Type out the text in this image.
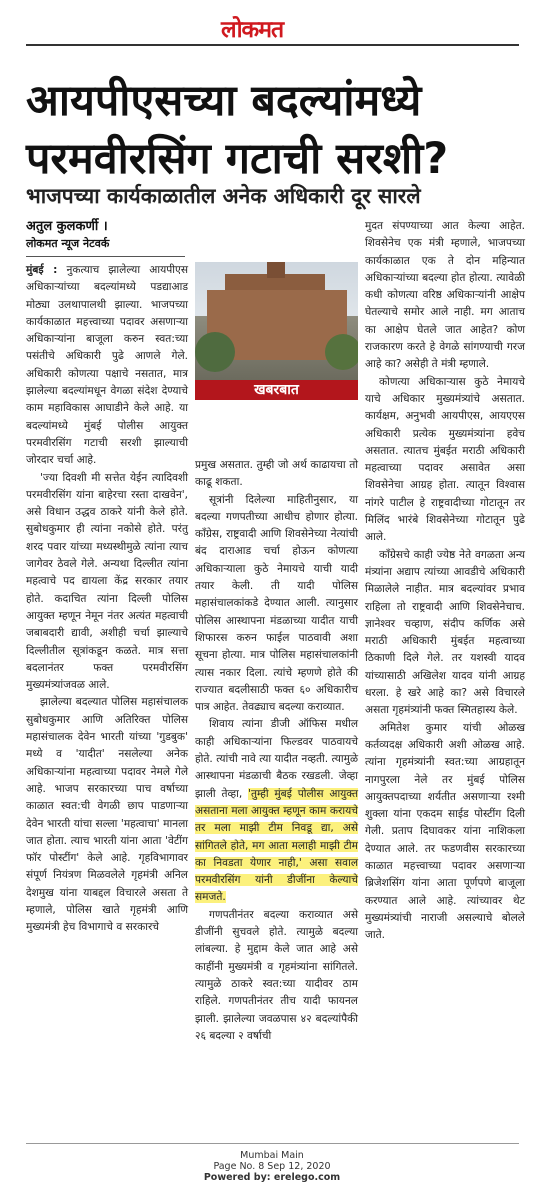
लोकमत
आयपीएसच्या बदल्यांमध्ये
परमवीरसिंग गटाची सरशी?
भाजपच्या कार्यकाळातील अनेक अधिकारी दूर सारले
अतुल कुलकर्णी ।
लोकमत न्यूज नेटवर्क

मुंबई : नुकत्याच झालेल्या आयपीएस अधिकाऱ्यांच्या बदल्यांमध्ये पडद्याआड मोठ्या उलथापालथी झाल्या. भाजपच्या कार्यकाळात महत्त्वाच्या पदावर असणाऱ्या अधिकाऱ्यांना बाजूला करुन स्वत:च्या पसंतीचे अधिकारी पुढे आणले गेले. अधिकारी कोणत्या पक्षाचे नसतात, मात्र झालेल्या बदल्यांमधून वेगळा संदेश देण्याचे काम महाविकास आघाडीने केले आहे. या बदल्यांमध्ये मुंबई पोलीस आयुक्त परमवीरसिंग गटाची सरशी झाल्याची जोरदार चर्चा आहे.

'ज्या दिवशी मी सत्तेत येईन त्यादिवशी परमवीरसिंग यांना बाहेरचा रस्ता दाखवेन', असे विधान उद्धव ठाकरे यांनी केले होते. सुबोधकुमार ही त्यांना नकोसे होते. परंतु शरद पवार यांच्या मध्यस्थीमुळे त्यांना त्याच जागेवर ठेवले गेले. अन्यथा दिल्लीत त्यांना महत्वाचे पद द्यायला केंद्र सरकार तयार होते. कदाचित त्यांना दिल्ली पोलिस आयुक्त म्हणून नेमून नंतर अत्यंत महत्वाची जबाबदारी द्यावी, अशीही चर्चा झाल्याचे दिल्लीतील सूत्रांकडून कळते. मात्र सत्ता बदलानंतर फक्त परमवीरसिंग मुख्यमंत्र्यांजवळ आले.

झालेल्या बदल्यात पोलिस महासंचालक सुबोधकुमार आणि अतिरिक्त पोलिस महासंचालक देवेन भारती यांच्या 'गुडबुक' मध्ये व 'यादीत' नसलेल्या अनेक अधिकाऱ्यांना महत्वाच्या पदावर नेमले गेले आहे. भाजप सरकारच्या पाच वर्षाच्या काळात स्वत:ची वेगळी छाप पाडणाऱ्या देवेन भारती यांचा सल्ला 'महत्वाचा' मानला जात होता. त्याच भारती यांना आता 'वेटींग फॉर पोस्टींग' केले आहे. गृहविभागावर संपूर्ण नियंत्रण मिळवलेले गृहमंत्री अनिल देशमुख यांना याबद्दल विचारले असता ते म्हणाले, पोलिस खाते गृहमंत्री आणि मुख्यमंत्री हेच विभागाचे व सरकारचे

खबरबात

प्रमुख असतात. तुम्ही जो अर्थ काढायचा तो काढू शकता.

सूत्रांनी दिलेल्या माहितीनुसार, या बदल्या गणपतीच्या आधीच होणार होत्या. कॉंग्रेस, राष्ट्रवादी आणि शिवसेनेच्या नेत्यांची बंद दाराआड चर्चा होऊन कोणत्या अधिकाऱ्याला कुठे नेमायचे याची यादी तयार केली. ती यादी पोलिस महासंचालकांकडे देण्यात आली. त्यानुसार पोलिस आस्थापना मंडळाच्या यादीत याची शिफारस करुन फाईल पाठवावी अशा सूचना होत्या. मात्र पोलिस महासंचालकांनी त्यास नकार दिला. त्यांचे म्हणणे होते की राज्यात बदलीसाठी फक्त ६० अधिकारीच पात्र आहेत. तेवढ्याच बदल्या कराव्यात.

शिवाय त्यांना डीजी ऑफिस मधील काही अधिकाऱ्यांना फिल्डवर पाठवायचे होते. त्यांची नावे त्या यादीत नव्हती. त्यामुळे आस्थापना मंडळाची बैठक रखडली. जेव्हा झाली तेव्हा, 'तुम्ही मुंबई पोलीस आयुक्त असताना मला आयुक्त म्हणून काम करायचे तर मला माझी टीम निवडू द्या, असे सांगितले होते, मग आता मलाही माझी टीम का निवडता येणार नाही,' असा सवाल परमवीरसिंग यांनी डीजींना केल्याचे समजते.

गणपतीनंतर बदल्या कराव्यात असे डीजींनी सुचवले होते. त्यामुळे बदल्या लांबल्या. हे मुद्दाम केले जात आहे असे काहींनी मुख्यमंत्री व गृहमंत्र्यांना सांगितले. त्यामुळे ठाकरे स्वत:च्या यादीवर ठाम राहिले. गणपतीनंतर तीच यादी फायनल झाली. झालेल्या जवळपास ४२ बदल्यांपैकी २६ बदल्या २ वर्षाची

मुदत संपण्याच्या आत केल्या आहेत. शिवसेनेच एक मंत्री म्हणाले, भाजपच्या कार्यकाळात एक ते दोन महिन्यात अधिकाऱ्यांच्या बदल्या होत होत्या. त्यावेळी कधी कोणत्या वरिष्ठ अधिकाऱ्यांनी आक्षेप घेतल्याचे समोर आले नाही. मग आताच का आक्षेप घेतले जात आहेत? कोण राजकारण करते हे वेगळे सांगण्याची गरज आहे का? असेही ते मंत्री म्हणाले.

कोणत्या अधिकाऱ्यास कुठे नेमायचे याचे अधिकार मुख्यमंत्र्यांचे असतात. कार्यक्षम, अनुभवी आयपीएस, आयएएस अधिकारी प्रत्येक मुख्यमंत्र्यांना हवेच असतात. त्यातच मुंबईत मराठी अधिकारी महत्वाच्या पदावर असावेत असा शिवसेनेचा आग्रह होता. त्यातून विश्वास नांगरे पाटील हे राष्ट्रवादीच्या गोटातून तर मिलिंद भारंबे शिवसेनेच्या गोटातून पुढे आले.

कॉंग्रेसचे काही ज्येष्ठ नेते वगळता अन्य मंत्र्यांना अद्याप त्यांच्या आवडीचे अधिकारी मिळालेले नाहीत. मात्र बदल्यांवर प्रभाव राहिला तो राष्ट्रवादी आणि शिवसेनेचाच. ज्ञानेश्वर चव्हाण, संदीप कर्णिक असे मराठी अधिकारी मुंबईत महत्वाच्या ठिकाणी दिले गेले. तर यशस्वी यादव यांच्यासाठी अखिलेश यादव यांनी आग्रह धरला. हे खरे आहे का? असे विचारले असता गृहमंत्र्यांनी फक्त स्मितहास्य केले.

अमितेश कुमार यांची ओळख कर्तव्यदक्ष अधिकारी अशी ओळख आहे. त्यांना गृहमंत्र्यांनी स्वत:च्या आग्रहातून नागपुरला नेले तर मुंबई पोलिस आयुक्तपदाच्या शर्यतीत असणाऱ्या रश्मी शुक्ला यांना एकदम साईड पोस्टींग दिली गेली. प्रताप दिघावकर यांना नाशिकला देण्यात आले. तर फडणवीस सरकारच्या काळात महत्त्वाच्या पदावर असणाऱ्या ब्रिजेशसिंग यांना आता पूर्णपणे बाजूला करण्यात आले आहे. त्यांच्यावर थेट मुख्यमंत्र्यांची नाराजी असल्याचे बोलले जाते.

Mumbai Main
Page No. 8 Sep 12, 2020
Powered by: erelego.com
